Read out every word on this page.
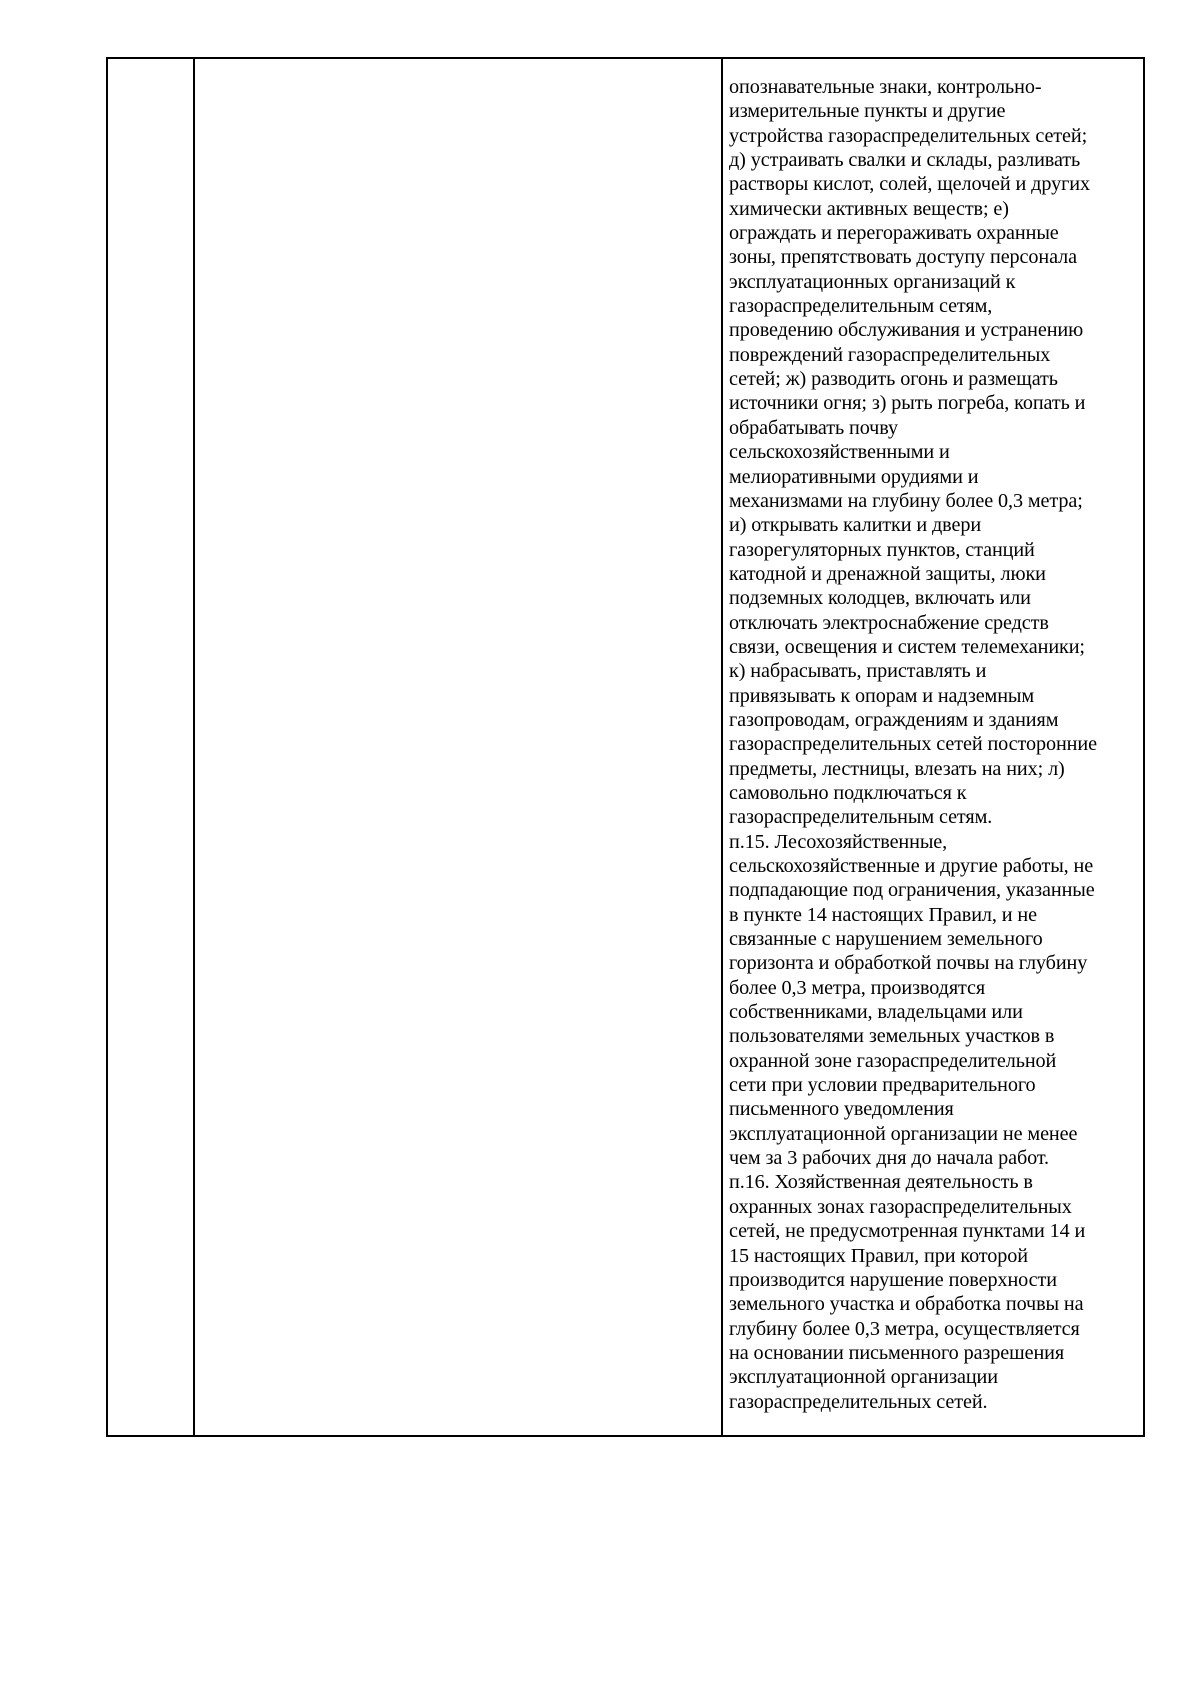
опознавательные знаки, контрольно-
измерительные пункты и другие
устройства газораспределительных сетей;
д) устраивать свалки и склады, разливать
растворы кислот, солей, щелочей и других
химически активных веществ; е)
ограждать и перегораживать охранные
зоны, препятствовать доступу персонала
эксплуатационных организаций к
газораспределительным сетям,
проведению обслуживания и устранению
повреждений газораспределительных
сетей; ж) разводить огонь и размещать
источники огня; з) рыть погреба, копать и
обрабатывать почву
сельскохозяйственными и
мелиоративными орудиями и
механизмами на глубину более 0,3 метра;
и) открывать калитки и двери
газорегуляторных пунктов, станций
катодной и дренажной защиты, люки
подземных колодцев, включать или
отключать электроснабжение средств
связи, освещения и систем телемеханики;
к) набрасывать, приставлять и
привязывать к опорам и надземным
газопроводам, ограждениям и зданиям
газораспределительных сетей посторонние
предметы, лестницы, влезать на них; л)
самовольно подключаться к
газораспределительным сетям.

п.15. Лесохозяйственные,
сельскохозяйственные и другие работы, не
подпадающие под ограничения, указанные
в пункте 14 настоящих Правил, и не
связанные с нарушением земельного
горизонта и обработкой почвы на глубину
более 0,3 метра, производятся
собственниками, владельцами или
пользователями земельных участков в
охранной зоне газораспределительной
сети при условии предварительного
письменного уведомления
эксплуатационной организации не менее
чем за 3 рабочих дня до начала работ.

п.16. Хозяйственная деятельность в
охранных зонах газораспределительных
сетей, не предусмотренная пунктами 14 и
15 настоящих Правил, при которой
производится нарушение поверхности
земельного участка и обработка почвы на
глубину более 0,3 метра, осуществляется
на основании письменного разрешения
эксплуатационной организации
газораспределительных сетей.
